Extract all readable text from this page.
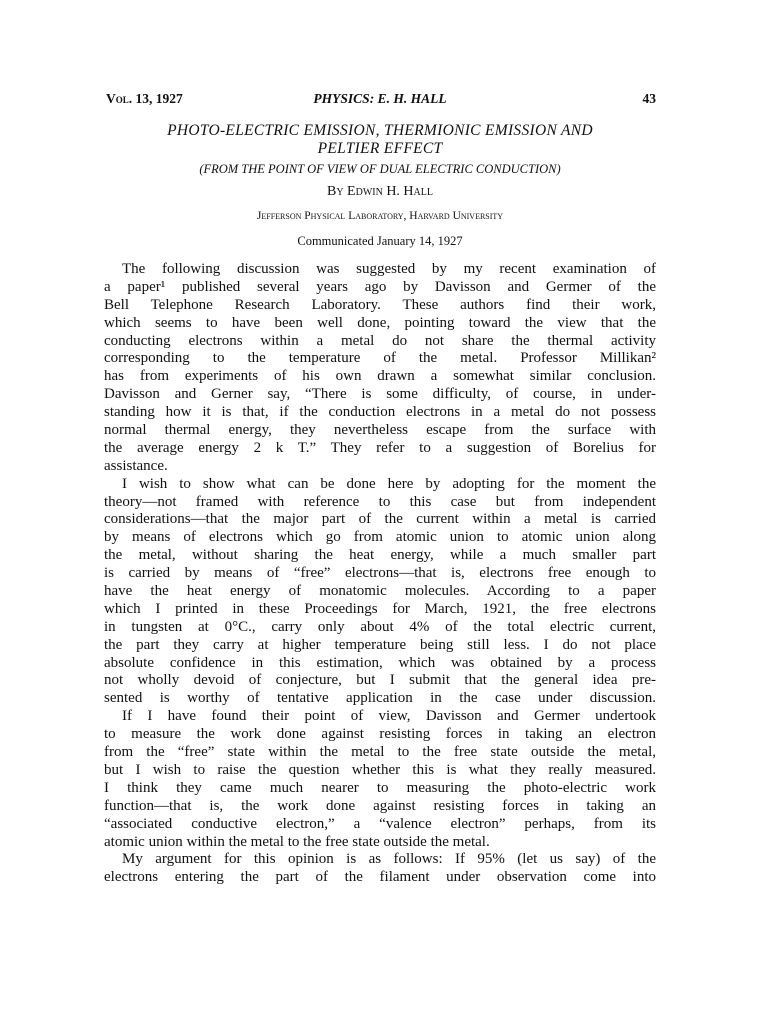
Vol. 13, 1927	PHYSICS: E. H. HALL	43
PHOTO-ELECTRIC EMISSION, THERMIONIC EMISSION AND
PELTIER EFFECT
(FROM THE POINT OF VIEW OF DUAL ELECTRIC CONDUCTION)
By Edwin H. Hall
Jefferson Physical Laboratory, Harvard University
Communicated January 14, 1927
The following discussion was suggested by my recent examination of
a paper¹ published several years ago by Davisson and Germer of the
Bell Telephone Research Laboratory. These authors find their work,
which seems to have been well done, pointing toward the view that the
conducting electrons within a metal do not share the thermal activity
corresponding to the temperature of the metal. Professor Millikan²
has from experiments of his own drawn a somewhat similar conclusion.
Davisson and Gerner say, “There is some difficulty, of course, in under-
standing how it is that, if the conduction electrons in a metal do not possess
normal thermal energy, they nevertheless escape from the surface with
the average energy 2 k T.” They refer to a suggestion of Borelius for
assistance.
I wish to show what can be done here by adopting for the moment the
theory—not framed with reference to this case but from independent
considerations—that the major part of the current within a metal is carried
by means of electrons which go from atomic union to atomic union along
the metal, without sharing the heat energy, while a much smaller part
is carried by means of “free” electrons—that is, electrons free enough to
have the heat energy of monatomic molecules. According to a paper
which I printed in these Proceedings for March, 1921, the free electrons
in tungsten at 0°C., carry only about 4% of the total electric current,
the part they carry at higher temperature being still less. I do not place
absolute confidence in this estimation, which was obtained by a process
not wholly devoid of conjecture, but I submit that the general idea pre-
sented is worthy of tentative application in the case under discussion.
If I have found their point of view, Davisson and Germer undertook
to measure the work done against resisting forces in taking an electron
from the “free” state within the metal to the free state outside the metal,
but I wish to raise the question whether this is what they really measured.
I think they came much nearer to measuring the photo-electric work
function—that is, the work done against resisting forces in taking an
“associated conductive electron,” a “valence electron” perhaps, from its
atomic union within the metal to the free state outside the metal.
My argument for this opinion is as follows: If 95% (let us say) of the
electrons entering the part of the filament under observation come into
